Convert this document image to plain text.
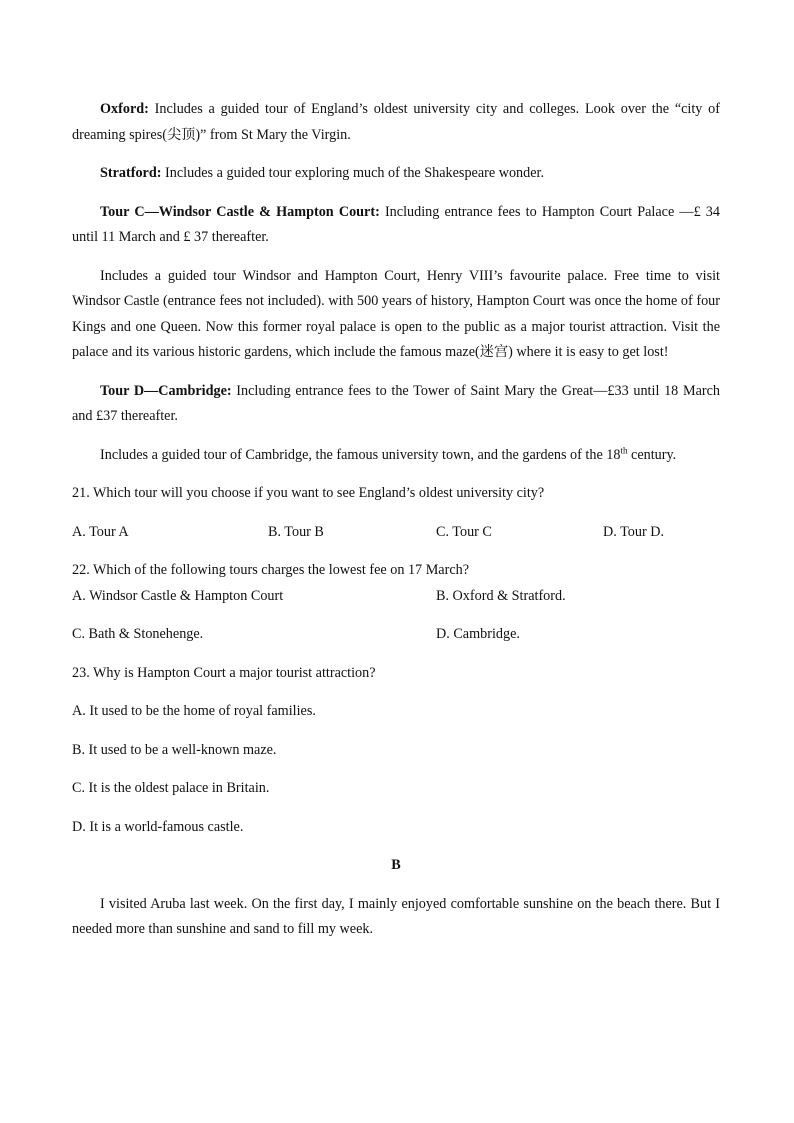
Oxford: Includes a guided tour of England’s oldest university city and colleges. Look over the “city of dreaming spires(尖顶)” from St Mary the Virgin.

Stratford: Includes a guided tour exploring much of the Shakespeare wonder.

Tour C—Windsor Castle & Hampton Court: Including entrance fees to Hampton Court Palace —£ 34 until 11 March and £ 37 thereafter.

Includes a guided tour Windsor and Hampton Court, Henry VIII’s favourite palace. Free time to visit Windsor Castle (entrance fees not included). with 500 years of history, Hampton Court was once the home of four Kings and one Queen. Now this former royal palace is open to the public as a major tourist attraction. Visit the palace and its various historic gardens, which include the famous maze(迷宫) where it is easy to get lost!

Tour D—Cambridge: Including entrance fees to the Tower of Saint Mary the Great—£33 until 18 March and £37 thereafter.

Includes a guided tour of Cambridge, the famous university town, and the gardens of the 18th century.

21. Which tour will you choose if you want to see England’s oldest university city?

A. Tour A	B. Tour B	C. Tour C	D. Tour D.

22. Which of the following tours charges the lowest fee on 17 March?

A. Windsor Castle & Hampton Court	B. Oxford & Stratford.
C. Bath & Stonehenge.	D. Cambridge.

23. Why is Hampton Court a major tourist attraction?

A. It used to be the home of royal families.

B. It used to be a well-known maze.

C. It is the oldest palace in Britain.

D. It is a world-famous castle.

B

I visited Aruba last week. On the first day, I mainly enjoyed comfortable sunshine on the beach there. But I needed more than sunshine and sand to fill my week.
